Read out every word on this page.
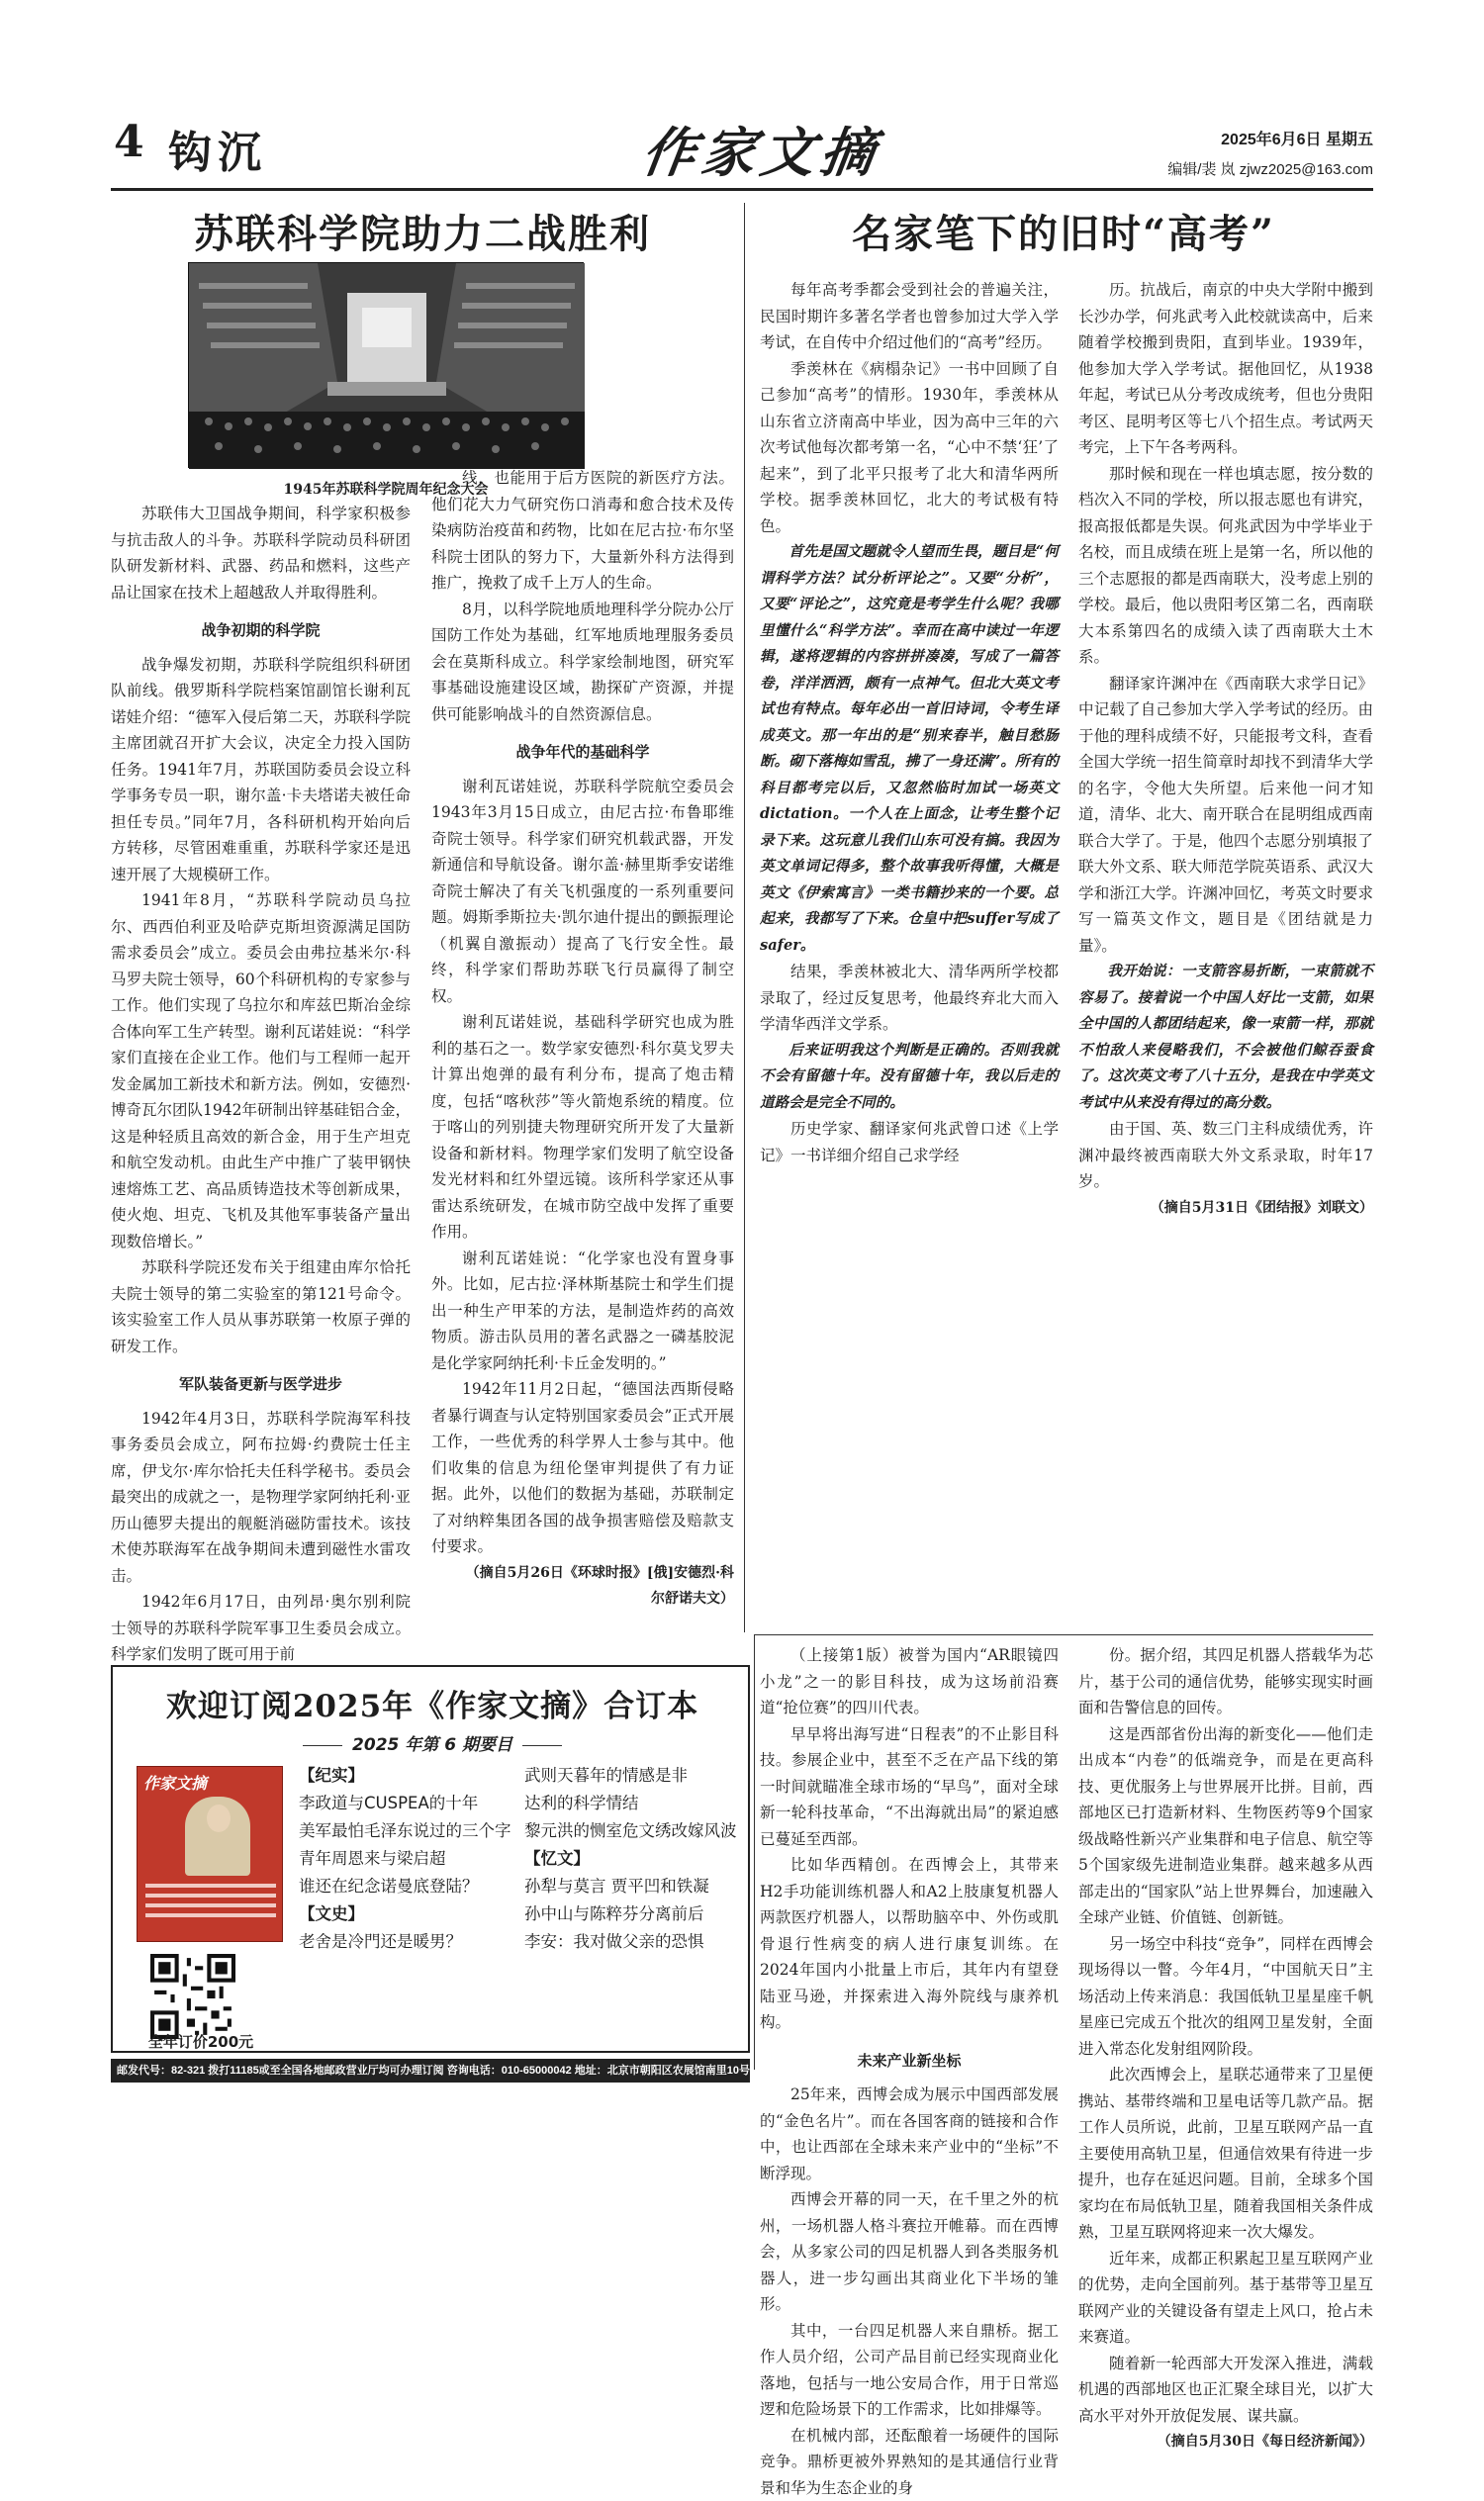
4 钩沉	作家文摘	2025年6月6日 星期五
编辑/裴 岚 zjwz2025@163.com
苏联科学院助力二战胜利
1945年苏联科学院周年纪念大会

苏联伟大卫国战争期间，科学家积极参与抗击敌人的斗争。苏联科学院动员科研团队研发新材料、武器、药品和燃料，这些产品让国家在技术上超越敌人并取得胜利。

战争初期的科学院

战争爆发初期，苏联科学院组织科研团队前线。俄罗斯科学院档案馆副馆长谢利瓦诺娃介绍：“德军入侵后第二天，苏联科学院主席团就召开扩大会议，决定全力投入国防任务。1941年7月，苏联国防委员会设立科学事务专员一职，谢尔盖·卡夫塔诺夫被任命担任专员。”同年7月，各科研机构开始向后方转移，尽管困难重重，苏联科学家还是迅速开展了大规模研工作。

1941年8月，“苏联科学院动员乌拉尔、西西伯利亚及哈萨克斯坦资源满足国防需求委员会”成立。委员会由弗拉基米尔·科马罗夫院士领导，60个科研机构的专家参与工作。他们实现了乌拉尔和库兹巴斯冶金综合体向军工生产转型。谢利瓦诺娃说：“科学家们直接在企业工作。他们与工程师一起开发金属加工新技术和新方法。例如，安德烈·博奇瓦尔团队1942年研制出锌基硅铝合金，这是种轻质且高效的新合金，用于生产坦克和航空发动机。由此生产中推广了装甲钢快速熔炼工艺、高品质铸造技术等创新成果，使火炮、坦克、飞机及其他军事装备产量出现数倍增长。”

苏联科学院还发布关于组建由库尔恰托夫院士领导的第二实验室的第121号命令。该实验室工作人员从事苏联第一枚原子弹的研发工作。

军队装备更新与医学进步

1942年4月3日，苏联科学院海军科技事务委员会成立，阿布拉姆·约费院士任主席，伊戈尔·库尔恰托夫任科学秘书。委员会最突出的成就之一，是物理学家阿纳托利·亚历山德罗夫提出的舰艇消磁防雷技术。该技术使苏联海军在战争期间未遭到磁性水雷攻击。

1942年6月17日，由列昂·奥尔别利院士领导的苏联科学院军事卫生委员会成立。科学家们发明了既可用于前

线，也能用于后方医院的新医疗方法。他们花大力气研究伤口消毒和愈合技术及传染病防治疫苗和药物，比如在尼古拉·布尔坚科院士团队的努力下，大量新外科方法得到推广，挽救了成千上万人的生命。

8月，以科学院地质地理科学分院办公厅国防工作处为基础，红军地质地理服务委员会在莫斯科成立。科学家绘制地图，研究军事基础设施建设区域，勘探矿产资源，并提供可能影响战斗的自然资源信息。

战争年代的基础科学

谢利瓦诺娃说，苏联科学院航空委员会1943年3月15日成立，由尼古拉·布鲁耶维奇院士领导。科学家们研究机载武器，开发新通信和导航设备。谢尔盖·赫里斯季安诺维奇院士解决了有关飞机强度的一系列重要问题。姆斯季斯拉夫·凯尔迪什提出的颤振理论（机翼自激振动）提高了飞行安全性。最终，科学家们帮助苏联飞行员赢得了制空权。

谢利瓦诺娃说，基础科学研究也成为胜利的基石之一。数学家安德烈·科尔莫戈罗夫计算出炮弹的最有利分布，提高了炮击精度，包括“喀秋莎”等火箭炮系统的精度。位于喀山的列别捷夫物理研究所开发了大量新设备和新材料。物理学家们发明了航空设备发光材料和红外望远镜。该所科学家还从事雷达系统研发，在城市防空战中发挥了重要作用。

谢利瓦诺娃说：“化学家也没有置身事外。比如，尼古拉·泽林斯基院士和学生们提出一种生产甲苯的方法，是制造炸药的高效物质。游击队员用的著名武器之一磷基胶泥是化学家阿纳托利·卡丘金发明的。”

1942年11月2日起，“德国法西斯侵略者暴行调查与认定特别国家委员会”正式开展工作，一些优秀的科学界人士参与其中。他们收集的信息为纽伦堡审判提供了有力证据。此外，以他们的数据为基础，苏联制定了对纳粹集团各国的战争损害赔偿及赔款支付要求。

（摘自5月26日《环球时报》[俄]安德烈·科尔舒诺夫文）

名家笔下的旧时“高考”

每年高考季都会受到社会的普遍关注，民国时期许多著名学者也曾参加过大学入学考试，在自传中介绍过他们的“高考”经历。

季羡林在《病榻杂记》一书中回顾了自己参加“高考”的情形。1930年，季羡林从山东省立济南高中毕业，因为高中三年的六次考试他每次都考第一名，“心中不禁‘狂’了起来”，到了北平只报考了北大和清华两所学校。据季羡林回忆，北大的考试极有特色。

首先是国文题就令人望而生畏，题目是“何谓科学方法？试分析评论之”。又要“分析”，又要“评论之”，这究竟是考学生什么呢？我哪里懂什么“科学方法”。幸而在高中读过一年逻辑，遂将逻辑的内容拼拼凑凑，写成了一篇答卷，洋洋洒洒，颇有一点神气。但北大英文考试也有特点。每年必出一首旧诗词，令考生译成英文。那一年出的是“别来春半，触目愁肠断。砌下落梅如雪乱，拂了一身还满”。所有的科目都考完以后，又忽然临时加试一场英文dictation。一个人在上面念，让考生整个记录下来。这玩意儿我们山东可没有搞。我因为英文单词记得多，整个故事我听得懂，大概是英文《伊索寓言》一类书籍抄来的一个要。总起来，我都写了下来。仓皇中把suffer写成了safer。

结果，季羡林被北大、清华两所学校都录取了，经过反复思考，他最终弃北大而入学清华西洋文学系。

后来证明我这个判断是正确的。否则我就不会有留德十年。没有留德十年，我以后走的道路会是完全不同的。

历史学家、翻译家何兆武曾口述《上学记》一书详细介绍自己求学经

历。抗战后，南京的中央大学附中搬到长沙办学，何兆武考入此校就读高中，后来随着学校搬到贵阳，直到毕业。1939年，他参加大学入学考试。据他回忆，从1938年起，考试已从分考改成统考，但也分贵阳考区、昆明考区等七八个招生点。考试两天考完，上下午各考两科。

那时候和现在一样也填志愿，按分数的档次入不同的学校，所以报志愿也有讲究，报高报低都是失误。何兆武因为中学毕业于名校，而且成绩在班上是第一名，所以他的三个志愿报的都是西南联大，没考虑上别的学校。最后，他以贵阳考区第二名，西南联大本系第四名的成绩入读了西南联大土木系。

翻译家许渊冲在《西南联大求学日记》中记载了自己参加大学入学考试的经历。由于他的理科成绩不好，只能报考文科，查看全国大学统一招生简章时却找不到清华大学的名字，令他大失所望。后来他一问才知道，清华、北大、南开联合在昆明组成西南联合大学了。于是，他四个志愿分别填报了联大外文系、联大师范学院英语系、武汉大学和浙江大学。许渊冲回忆，考英文时要求写一篇英文作文，题目是《团结就是力量》。

我开始说：一支箭容易折断，一束箭就不容易了。接着说一个中国人好比一支箭，如果全中国的人都团结起来，像一束箭一样，那就不怕敌人来侵略我们，不会被他们鲸吞蚕食了。这次英文考了八十五分，是我在中学英文考试中从来没有得过的高分数。

由于国、英、数三门主科成绩优秀，许渊冲最终被西南联大外文系录取，时年17岁。

（摘自5月31日《团结报》刘联文）

（上接第1版）被誉为国内“AR眼镜四小龙”之一的影目科技，成为这场前沿赛道“抢位赛”的四川代表。

早早将出海写进“日程表”的不止影目科技。参展企业中，甚至不乏在产品下线的第一时间就瞄准全球市场的“早鸟”，面对全球新一轮科技革命，“不出海就出局”的紧迫感已蔓延至西部。

比如华西精创。在西博会上，其带来H2手功能训练机器人和A2上肢康复机器人两款医疗机器人，以帮助脑卒中、外伤或肌骨退行性病变的病人进行康复训练。在2024年国内小批量上市后，其年内有望登陆亚马逊，并探索进入海外院线与康养机构。

未来产业新坐标

25年来，西博会成为展示中国西部发展的“金色名片”。而在各国客商的链接和合作中，也让西部在全球未来产业中的“坐标”不断浮现。

西博会开幕的同一天，在千里之外的杭州，一场机器人格斗赛拉开帷幕。而在西博会，从多家公司的四足机器人到各类服务机器人，进一步勾画出其商业化下半场的雏形。

其中，一台四足机器人来自鼎桥。据工作人员介绍，公司产品目前已经实现商业化落地，包括与一地公安局合作，用于日常巡逻和危险场景下的工作需求，比如排爆等。

在机械内部，还酝酿着一场硬件的国际竞争。鼎桥更被外界熟知的是其通信行业背景和华为生态企业的身

份。据介绍，其四足机器人搭载华为芯片，基于公司的通信优势，能够实现实时画面和告警信息的回传。

这是西部省份出海的新变化——他们走出成本“内卷”的低端竞争，而是在更高科技、更优服务上与世界展开比拼。目前，西部地区已打造新材料、生物医药等9个国家级战略性新兴产业集群和电子信息、航空等5个国家级先进制造业集群。越来越多从西部走出的“国家队”站上世界舞台，加速融入全球产业链、价值链、创新链。

另一场空中科技“竞争”，同样在西博会现场得以一瞥。今年4月，“中国航天日”主场活动上传来消息：我国低轨卫星星座千帆星座已完成五个批次的组网卫星发射，全面进入常态化发射组网阶段。

此次西博会上，星联芯通带来了卫星便携站、基带终端和卫星电话等几款产品。据工作人员所说，此前，卫星互联网产品一直主要使用高轨卫星，但通信效果有待进一步提升，也存在延迟问题。目前，全球多个国家均在布局低轨卫星，随着我国相关条件成熟，卫星互联网将迎来一次大爆发。

近年来，成都正积累起卫星互联网产业的优势，走向全国前列。基于基带等卫星互联网产业的关键设备有望走上风口，抢占未来赛道。

随着新一轮西部大开发深入推进，满载机遇的西部地区也正汇聚全球目光，以扩大高水平对外开放促发展、谋共赢。

（摘自5月30日《每日经济新闻》）

欢迎订阅2025年《作家文摘》合订本
2025 年第 6 期要目
作家文摘
全年订价200元
【纪实】
李政道与CUSPEA的十年
美军最怕毛泽东说过的三个字
青年周恩来与梁启超
谁还在纪念诺曼底登陆？
【文史】
老舍是冷門还是暖男？
武则天暮年的情感是非
达利的科学情结
黎元洪的恻室危文绣改嫁风波
【忆文】
孙犁与莫言 贾平凹和铁凝
孙中山与陈粹芬分离前后
李安：我对做父亲的恐惧
邮发代号：82-321 拨打11185或至全国各地邮政营业厅均可办理订阅 咨询电话：010-65000042 地址：北京市朝阳区农展馆南里10号
